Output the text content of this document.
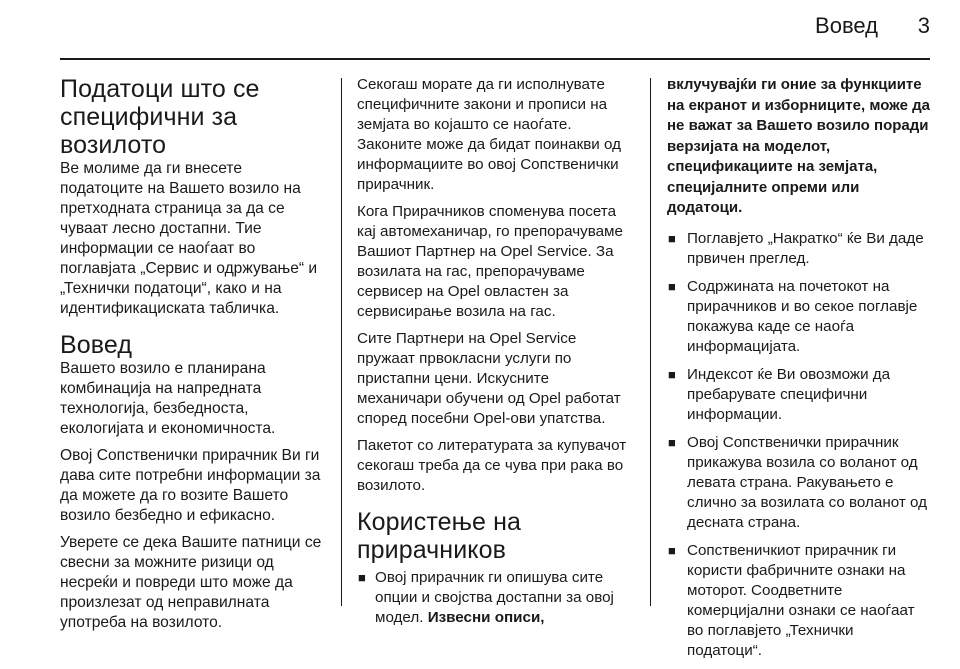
Вовед 3
Податоци што се специфични за возилото

Ве молиме да ги внесете податоците на Вашето возило на претходната страница за да се чуваат лесно достапни. Тие информации се наоѓаат во поглавјата „Сервис и одржување“ и „Технички податоци“, како и на идентификациската табличка.

Вовед

Вашето возило е планирана комбинација на напредната технологија, безбедноста, екологијата и економичноста.

Овој Сопственички прирачник Ви ги дава сите потребни информации за да можете да го возите Вашето возило безбедно и ефикасно.

Уверете се дека Вашите патници се свесни за можните ризици од несреќи и повреди што може да произлезат од неправилната употреба на возилото.

Секогаш морате да ги исполнувате специфичните закони и прописи на земјата во којашто се наоѓате. Законите може да бидат поинакви од информациите во овој Сопственички прирачник.

Кога Прирачников споменува посета кај автомеханичар, го препорачуваме Вашиот Партнер на Opel Service. За возилата на гас, препорачуваме сервисер на Opel овластен за сервисирање возила на гас.

Сите Партнери на Opel Service пружаат првокласни услуги по пристапни цени. Искусните механичари обучени од Opel работат според посебни Opel-ови упатства.

Пакетот со литературата за купувачот секогаш треба да се чува при рака во возилото.

Користење на прирачников
■ Овој прирачник ги опишува сите опции и својства достапни за овој модел. Извесни описи,

вклучувајќи ги оние за функциите на екранот и изборниците, може да не важат за Вашето возило поради верзијата на моделот, спецификациите на земјата, специјалните опреми или додатоци.

■ Поглавјето „Накратко“ ќе Ви даде првичен преглед.
■ Содржината на почетокот на прирачников и во секое поглавје покажува каде се наоѓа информацијата.
■ Индексот ќе Ви овозможи да пребарувате специфични информации.
■ Овој Сопственички прирачник прикажува возила со воланот од левата страна. Ракувањето е слично за возилата со воланот од десната страна.
■ Сопственичкиот прирачник ги користи фабричните ознаки на моторот. Соодветните комерцијални ознаки се наоѓаат во поглавјето „Технички податоци“.
